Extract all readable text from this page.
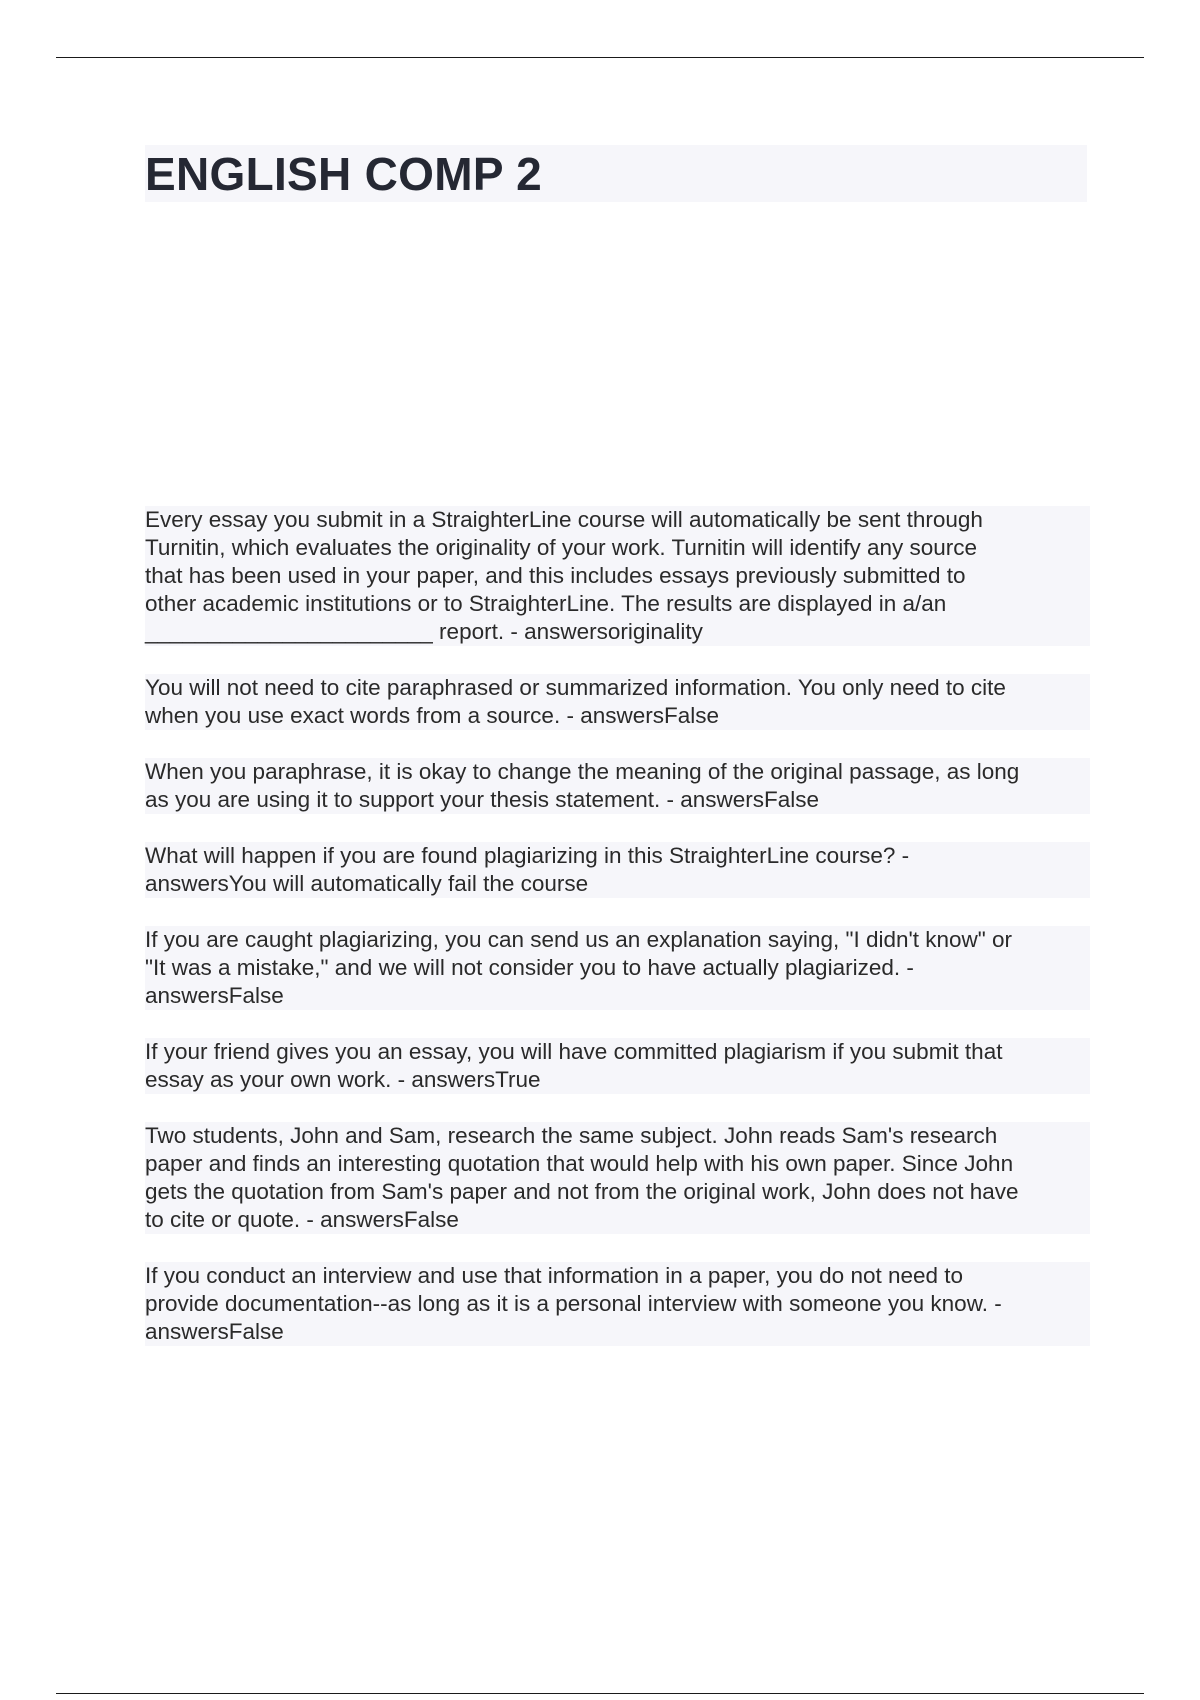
ENGLISH COMP 2

Every essay you submit in a StraighterLine course will automatically be sent through
Turnitin, which evaluates the originality of your work. Turnitin will identify any source
that has been used in your paper, and this includes essays previously submitted to
other academic institutions or to StraighterLine. The results are displayed in a/an
_______________________ report. - answersoriginality

You will not need to cite paraphrased or summarized information. You only need to cite
when you use exact words from a source. - answersFalse

When you paraphrase, it is okay to change the meaning of the original passage, as long
as you are using it to support your thesis statement. - answersFalse

What will happen if you are found plagiarizing in this StraighterLine course? -
answersYou will automatically fail the course

If you are caught plagiarizing, you can send us an explanation saying, "I didn't know" or
"It was a mistake," and we will not consider you to have actually plagiarized. -
answersFalse

If your friend gives you an essay, you will have committed plagiarism if you submit that
essay as your own work. - answersTrue

Two students, John and Sam, research the same subject. John reads Sam's research
paper and finds an interesting quotation that would help with his own paper. Since John
gets the quotation from Sam's paper and not from the original work, John does not have
to cite or quote. - answersFalse

If you conduct an interview and use that information in a paper, you do not need to
provide documentation--as long as it is a personal interview with someone you know. -
answersFalse
